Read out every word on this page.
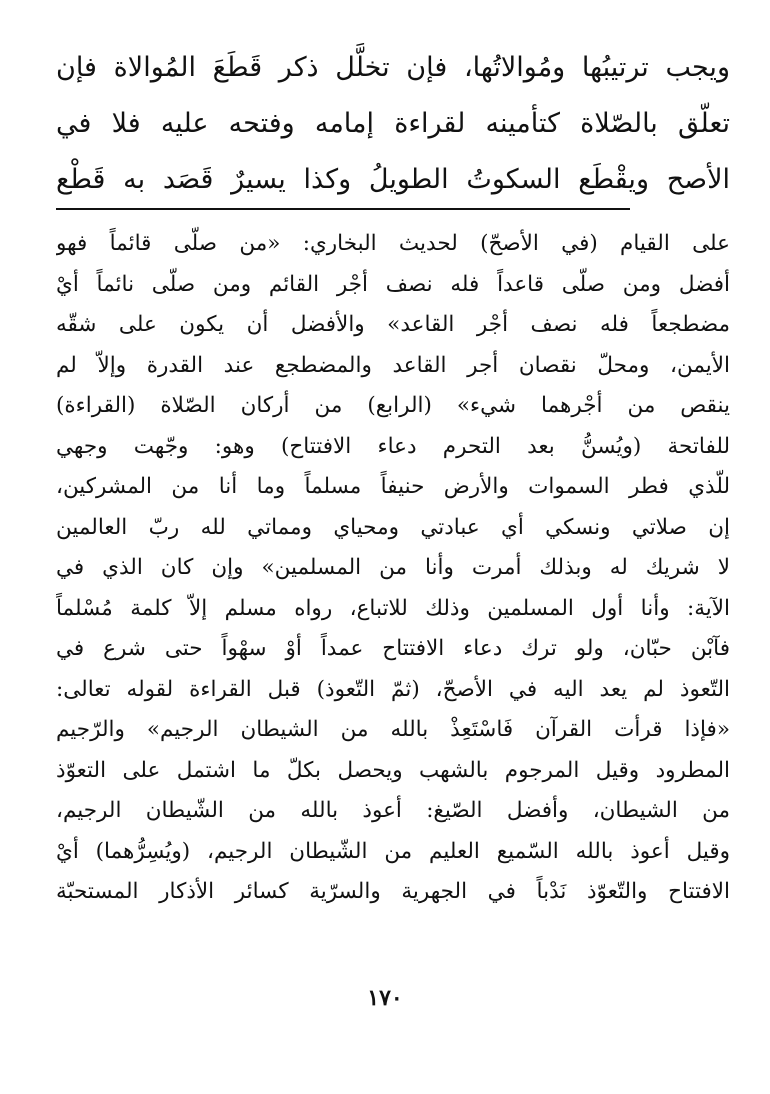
ويجب ترتيبُها ومُوالاتُها، فإن تخلَّل ذكر قَطَعَ المُوالاة فإن
تعلّق بالصّلاة كتأمينه لقراءة إمامه وفتحه عليه فلا في
الأصح ويقْطَع السكوتُ الطويلُ وكذا يسيرٌ قَصَد به قَطْع
على القيام (في الأصحّ) لحديث البخاري: «من صلّى قائماً فهو
أفضل ومن صلّى قاعداً فله نصف أجْر القائم ومن صلّى نائماً أيْ
مضطجعاً فله نصف أجْر القاعد» والأفضل أن يكون على شقّه
الأيمن، ومحلّ نقصان أجر القاعد والمضطجع عند القدرة وإلاّ لم
ينقص من أجْرهما شيء» (الرابع) من أركان الصّلاة (القراءة)
للفاتحة (ويُسنُّ بعد التحرم دعاء الافتتاح) وهو: وجّهت وجهي
للّذي فطر السموات والأرض حنيفاً مسلماً وما أنا من المشركين،
إن صلاتي ونسكي أي عبادتي ومحياي ومماتي لله ربّ العالمين
لا شريك له وبذلك أمرت وأنا من المسلمين» وإن كان الذي في
الآية: وأنا أول المسلمين وذلك للاتباع، رواه مسلم إلاّ كلمة مُسْلماً
فآبْن حبّان، ولو ترك دعاء الافتتاح عمداً أوْ سهْواً حتى شرع في
التّعوذ لم يعد اليه في الأصحّ، (ثمّ التّعوذ) قبل القراءة لقوله تعالى:
«فإذا قرأت القرآن فَاسْتَعِذْ بالله من الشيطان الرجيم» والرّجيم
المطرود وقيل المرجوم بالشهب ويحصل بكلّ ما اشتمل على التعوّذ
من الشيطان، وأفضل الصّيغ: أعوذ بالله من الشّيطان الرجيم،
وقيل أعوذ بالله السّميع العليم من الشّيطان الرجيم، (ويُسِرُّهما) أيْ
الافتتاح والتّعوّذ نَدْباً في الجهرية والسرّية كسائر الأذكار المستحبّة
١٧٠
